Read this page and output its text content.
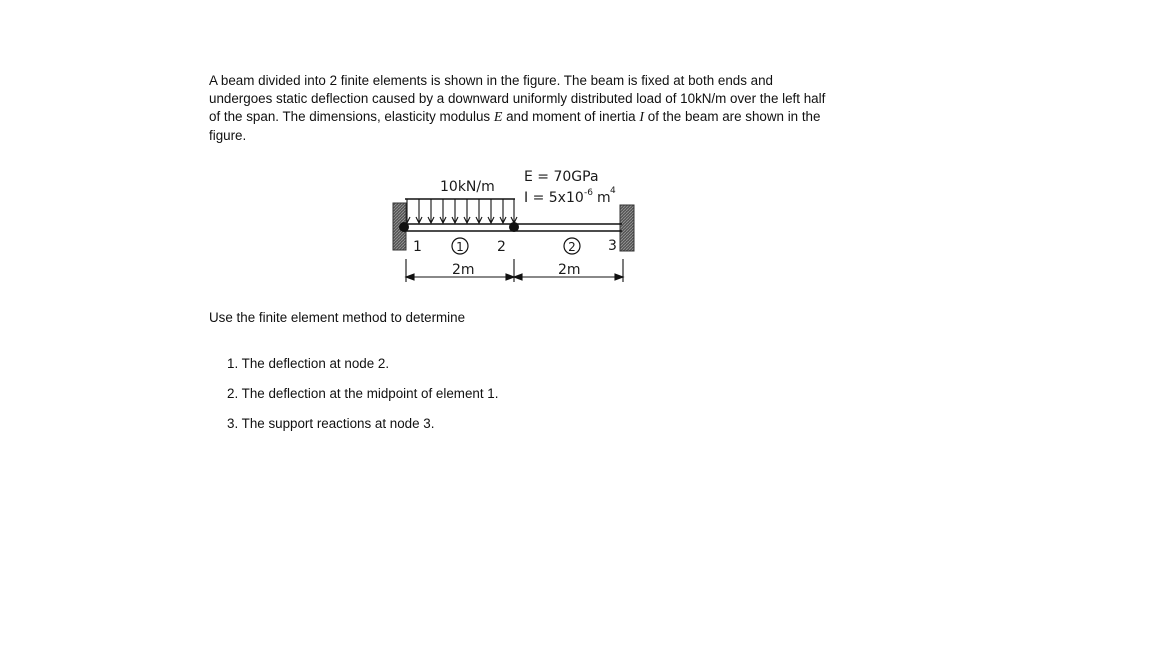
A beam divided into 2 finite elements is shown in the figure. The beam is fixed at both ends and undergoes static deflection caused by a downward uniformly distributed load of 10kN/m over the left half of the span. The dimensions, elasticity modulus E and moment of inertia I of the beam are shown in the figure.

10kN/m
E = 70GPa
I = 5x10 -6 m 4
1	2	3
1	2
2m	2m

Use the finite element method to determine

1. The deflection at node 2.
2. The deflection at the midpoint of element 1.
3. The support reactions at node 3.
